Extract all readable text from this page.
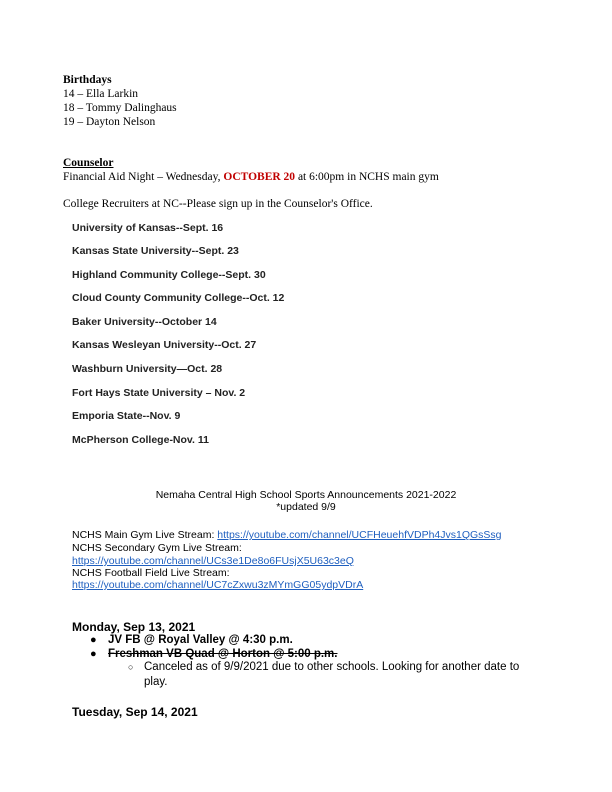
Birthdays
14 – Ella Larkin
18 – Tommy Dalinghaus
19 – Dayton Nelson
Counselor
Financial Aid Night – Wednesday, OCTOBER 20 at 6:00pm in NCHS main gym
College Recruiters at NC--Please sign up in the Counselor's Office.
University of Kansas--Sept. 16
Kansas State University--Sept. 23
Highland Community College--Sept. 30
Cloud County Community College--Oct. 12
Baker University--October 14
Kansas Wesleyan University--Oct. 27
Washburn University—Oct. 28
Fort Hays State University – Nov. 2
Emporia State--Nov. 9
McPherson College-Nov. 11
Nemaha Central High School Sports Announcements 2021-2022
*updated 9/9
NCHS Main Gym Live Stream: https://youtube.com/channel/UCFHeuehfVDPh4Jvs1QGsSsg
NCHS Secondary Gym Live Stream:
https://youtube.com/channel/UCs3e1De8o6FUsjX5U63c3eQ
NCHS Football Field Live Stream:
https://youtube.com/channel/UC7cZxwu3zMYmGG05ydpVDrA
Monday, Sep 13, 2021
● JV FB @ Royal Valley @ 4:30 p.m.
● Freshman VB Quad @ Horton @ 5:00 p.m.
○ Canceled as of 9/9/2021 due to other schools. Looking for another date to
play.
Tuesday, Sep 14, 2021
